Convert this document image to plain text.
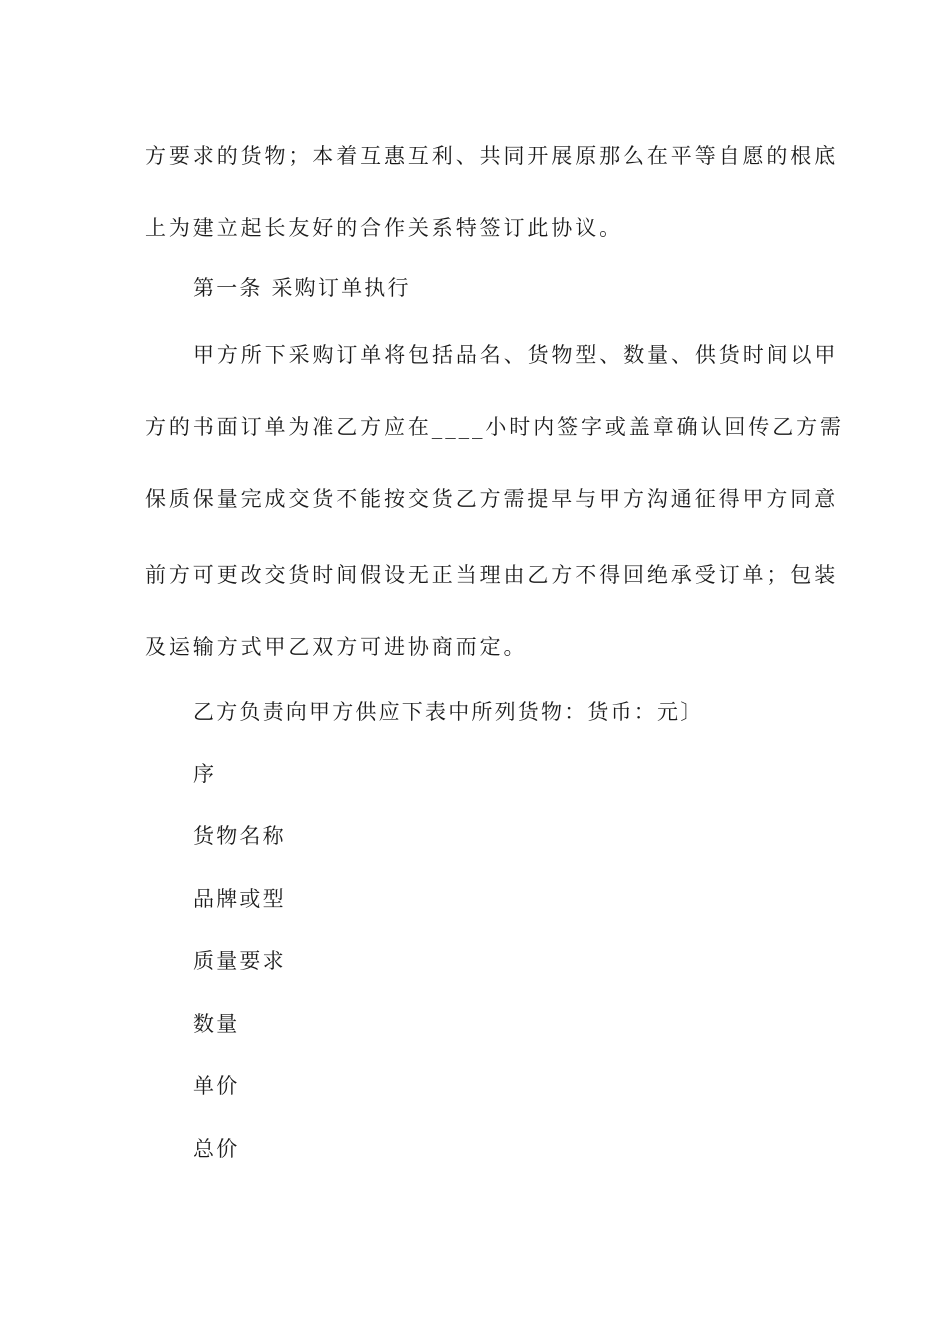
方要求的货物；本着互惠互利、共同开展原那么在平等自愿的根底
上为建立起长友好的合作关系特签订此协议。
第一条 采购订单执行
甲方所下采购订单将包括品名、货物型、数量、供货时间以甲
方的书面订单为准乙方应在____小时内签字或盖章确认回传乙方需
保质保量完成交货不能按交货乙方需提早与甲方沟通征得甲方同意
前方可更改交货时间假设无正当理由乙方不得回绝承受订单；包装
及运输方式甲乙双方可进协商而定。
乙方负责向甲方供应下表中所列货物：货币：元〕
序
货物名称
品牌或型
质量要求
数量
单价
总价
